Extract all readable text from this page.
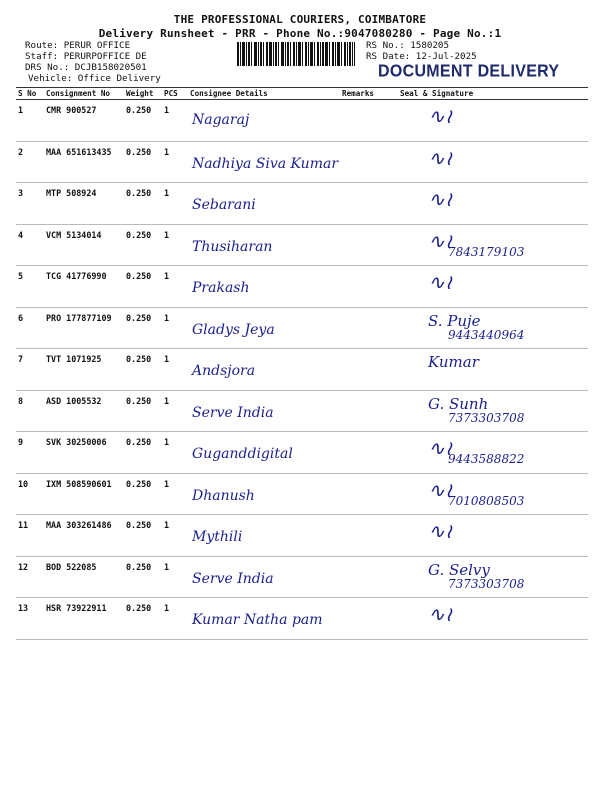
THE PROFESSIONAL COURIERS, COIMBATORE
Delivery Runsheet - PRR - Phone No.:9047080280 - Page No.:1
Route: PERUR OFFICE
Staff: PERURPOFFICE DE
DRS No.: DCJB158020501
Vehicle: Office Delivery
RS No.: 1580205
RS Date: 12-Jul-2025
DOCUMENT DELIVERY
S No	Consignment No	Weight	PCS	Consignee Details	Remarks	Seal & Signature
1	CMR 900527	0.250	1	Nagaraj		∿⁢≀

2	MAA 651613435	0.250	1	Nadhiya Siva Kumar		∿⁢≀

3	MTP 508924	0.250	1	Sebarani		∿⁢≀

4	VCM 5134014	0.250	1	Thusiharan		∿⁢≀
7843179103

5	TCG 41776990	0.250	1	Prakash		∿⁢≀

6	PRO 177877109	0.250	1	Gladys Jeya		S. Puje
9443440964

7	TVT 1071925	0.250	1	Andsjora		Kumar

8	ASD 1005532	0.250	1	Serve India		G. Sunh
7373303708

9	SVK 30250006	0.250	1	Guganddigital		∿⁢≀
9443588822

10	IXM 508590601	0.250	1	Dhanush		∿⁢≀
7010808503

11	MAA 303261486	0.250	1	Mythili		∿⁢≀

12	BOD 522085	0.250	1	Serve India		G. Selvy
7373303708

13	HSR 73922911	0.250	1	Kumar Natha pam		∿⁢≀
